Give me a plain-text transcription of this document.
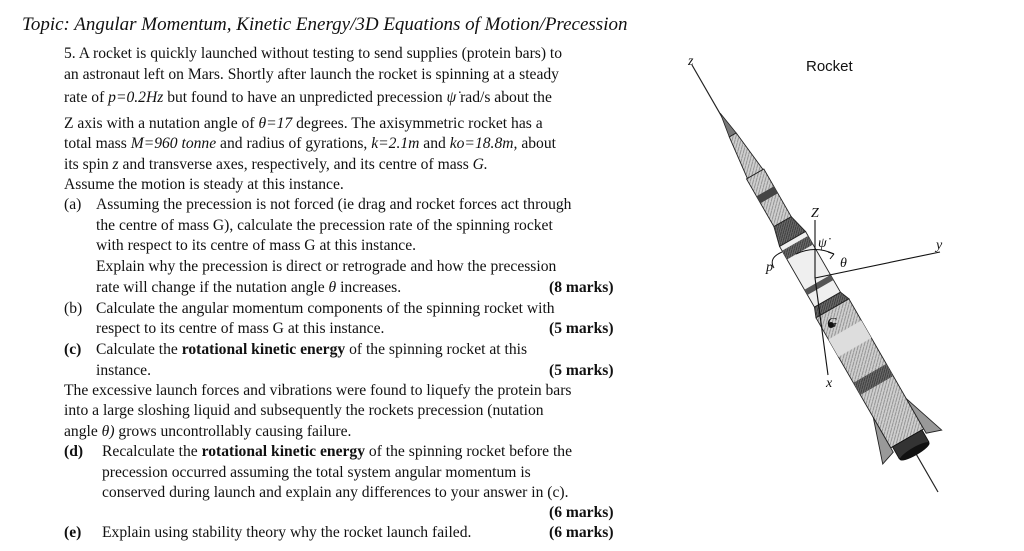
Topic: Angular Momentum, Kinetic Energy/3D Equations of Motion/Precession
5. A rocket is quickly launched without testing to send supplies (protein bars) to
an astronaut left on Mars. Shortly after launch the rocket is spinning at a steady
rate of p=0.2Hz but found to have an unpredicted precession ψ̇ rad/s about the
Z axis with a nutation angle of θ=17 degrees. The axisymmetric rocket has a
total mass M=960 tonne and radius of gyrations, k=2.1m and ko=18.8m, about
its spin z and transverse axes, respectively, and its centre of mass G.
Assume the motion is steady at this instance.
(a) Assuming the precession is not forced (ie drag and rocket forces act through
the centre of mass G), calculate the precession rate of the spinning rocket
with respect to its centre of mass G at this instance.
Explain why the precession is direct or retrograde and how the precession
rate will change if the nutation angle θ increases.	(8 marks)
(b) Calculate the angular momentum components of the spinning rocket with
respect to its centre of mass G at this instance.	(5 marks)
(c) Calculate the rotational kinetic energy of the spinning rocket at this
instance.	(5 marks)
The excessive launch forces and vibrations were found to liquefy the protein bars
into a large sloshing liquid and subsequently the rockets precession (nutation
angle θ) grows uncontrollably causing failure.
(d) Recalculate the rotational kinetic energy of the spinning rocket before the
precession occurred assuming the total system angular momentum is
conserved during launch and explain any differences to your answer in (c).
(6 marks)
(e) Explain using stability theory why the rocket launch failed.	(6 marks)
Rocket
z
Z
ψ̇
θ
p
y
G
x
